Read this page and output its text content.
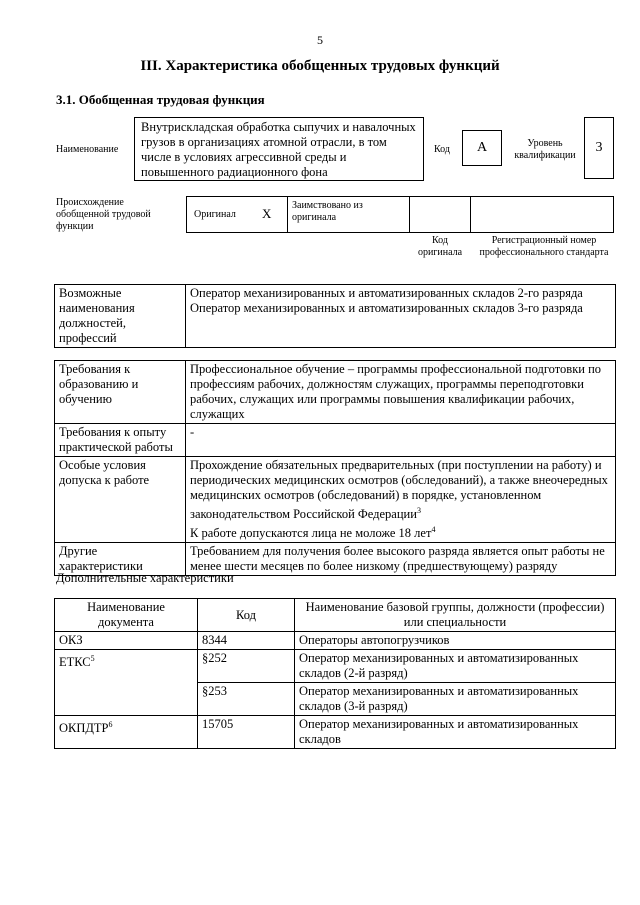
5
III. Характеристика обобщенных трудовых функций
3.1. Обобщенная трудовая функция
Наименование
Внутрискладская обработка сыпучих и навалочных грузов в организациях атомной отрасли, в том числе в условиях агрессивной среды и повышенного радиационного фона
Код	А	Уровень квалификации
3
Происхождение обобщенной трудовой функции
Оригинал X
Заимствовано из оригинала
Код оригинала
Регистрационный номер профессионального стандарта
Возможные наименования должностей, профессий	
Оператор механизированных и автоматизированных складов 2-го разряда
Оператор механизированных и автоматизированных складов 3-го разряда
Требования к образованию и обучению	Профессиональное обучение – программы профессиональной подготовки по профессиям рабочих, должностям служащих, программы переподготовки рабочих, служащих или программы повышения квалификации рабочих, служащих
Требования к опыту практической работы	-
Особые условия допуска к работе	Прохождение обязательных предварительных (при поступлении на работу) и периодических медицинских осмотров (обследований), а также внеочередных медицинских осмотров (обследований) в порядке, установленном законодательством Российской Федерации$^3$
К работе допускаются лица не моложе 18 лет$^4$
Другие характеристики	Требованием для получения более высокого разряда является опыт работы не менее шести месяцев по более низкому (предшествующему) разряду
Дополнительные характеристики
Наименование документа	Код	Наименование базовой группы, должности (профессии) или специальности
ОКЗ	8344	Операторы автопогрузчиков
ЕТКС$^5$	§252	Оператор механизированных и автоматизированных складов (2-й разряд)
	§253	Оператор механизированных и автоматизированных складов (3-й разряд)
ОКПДТР$^6$	15705	Оператор механизированных и автоматизированных складов
